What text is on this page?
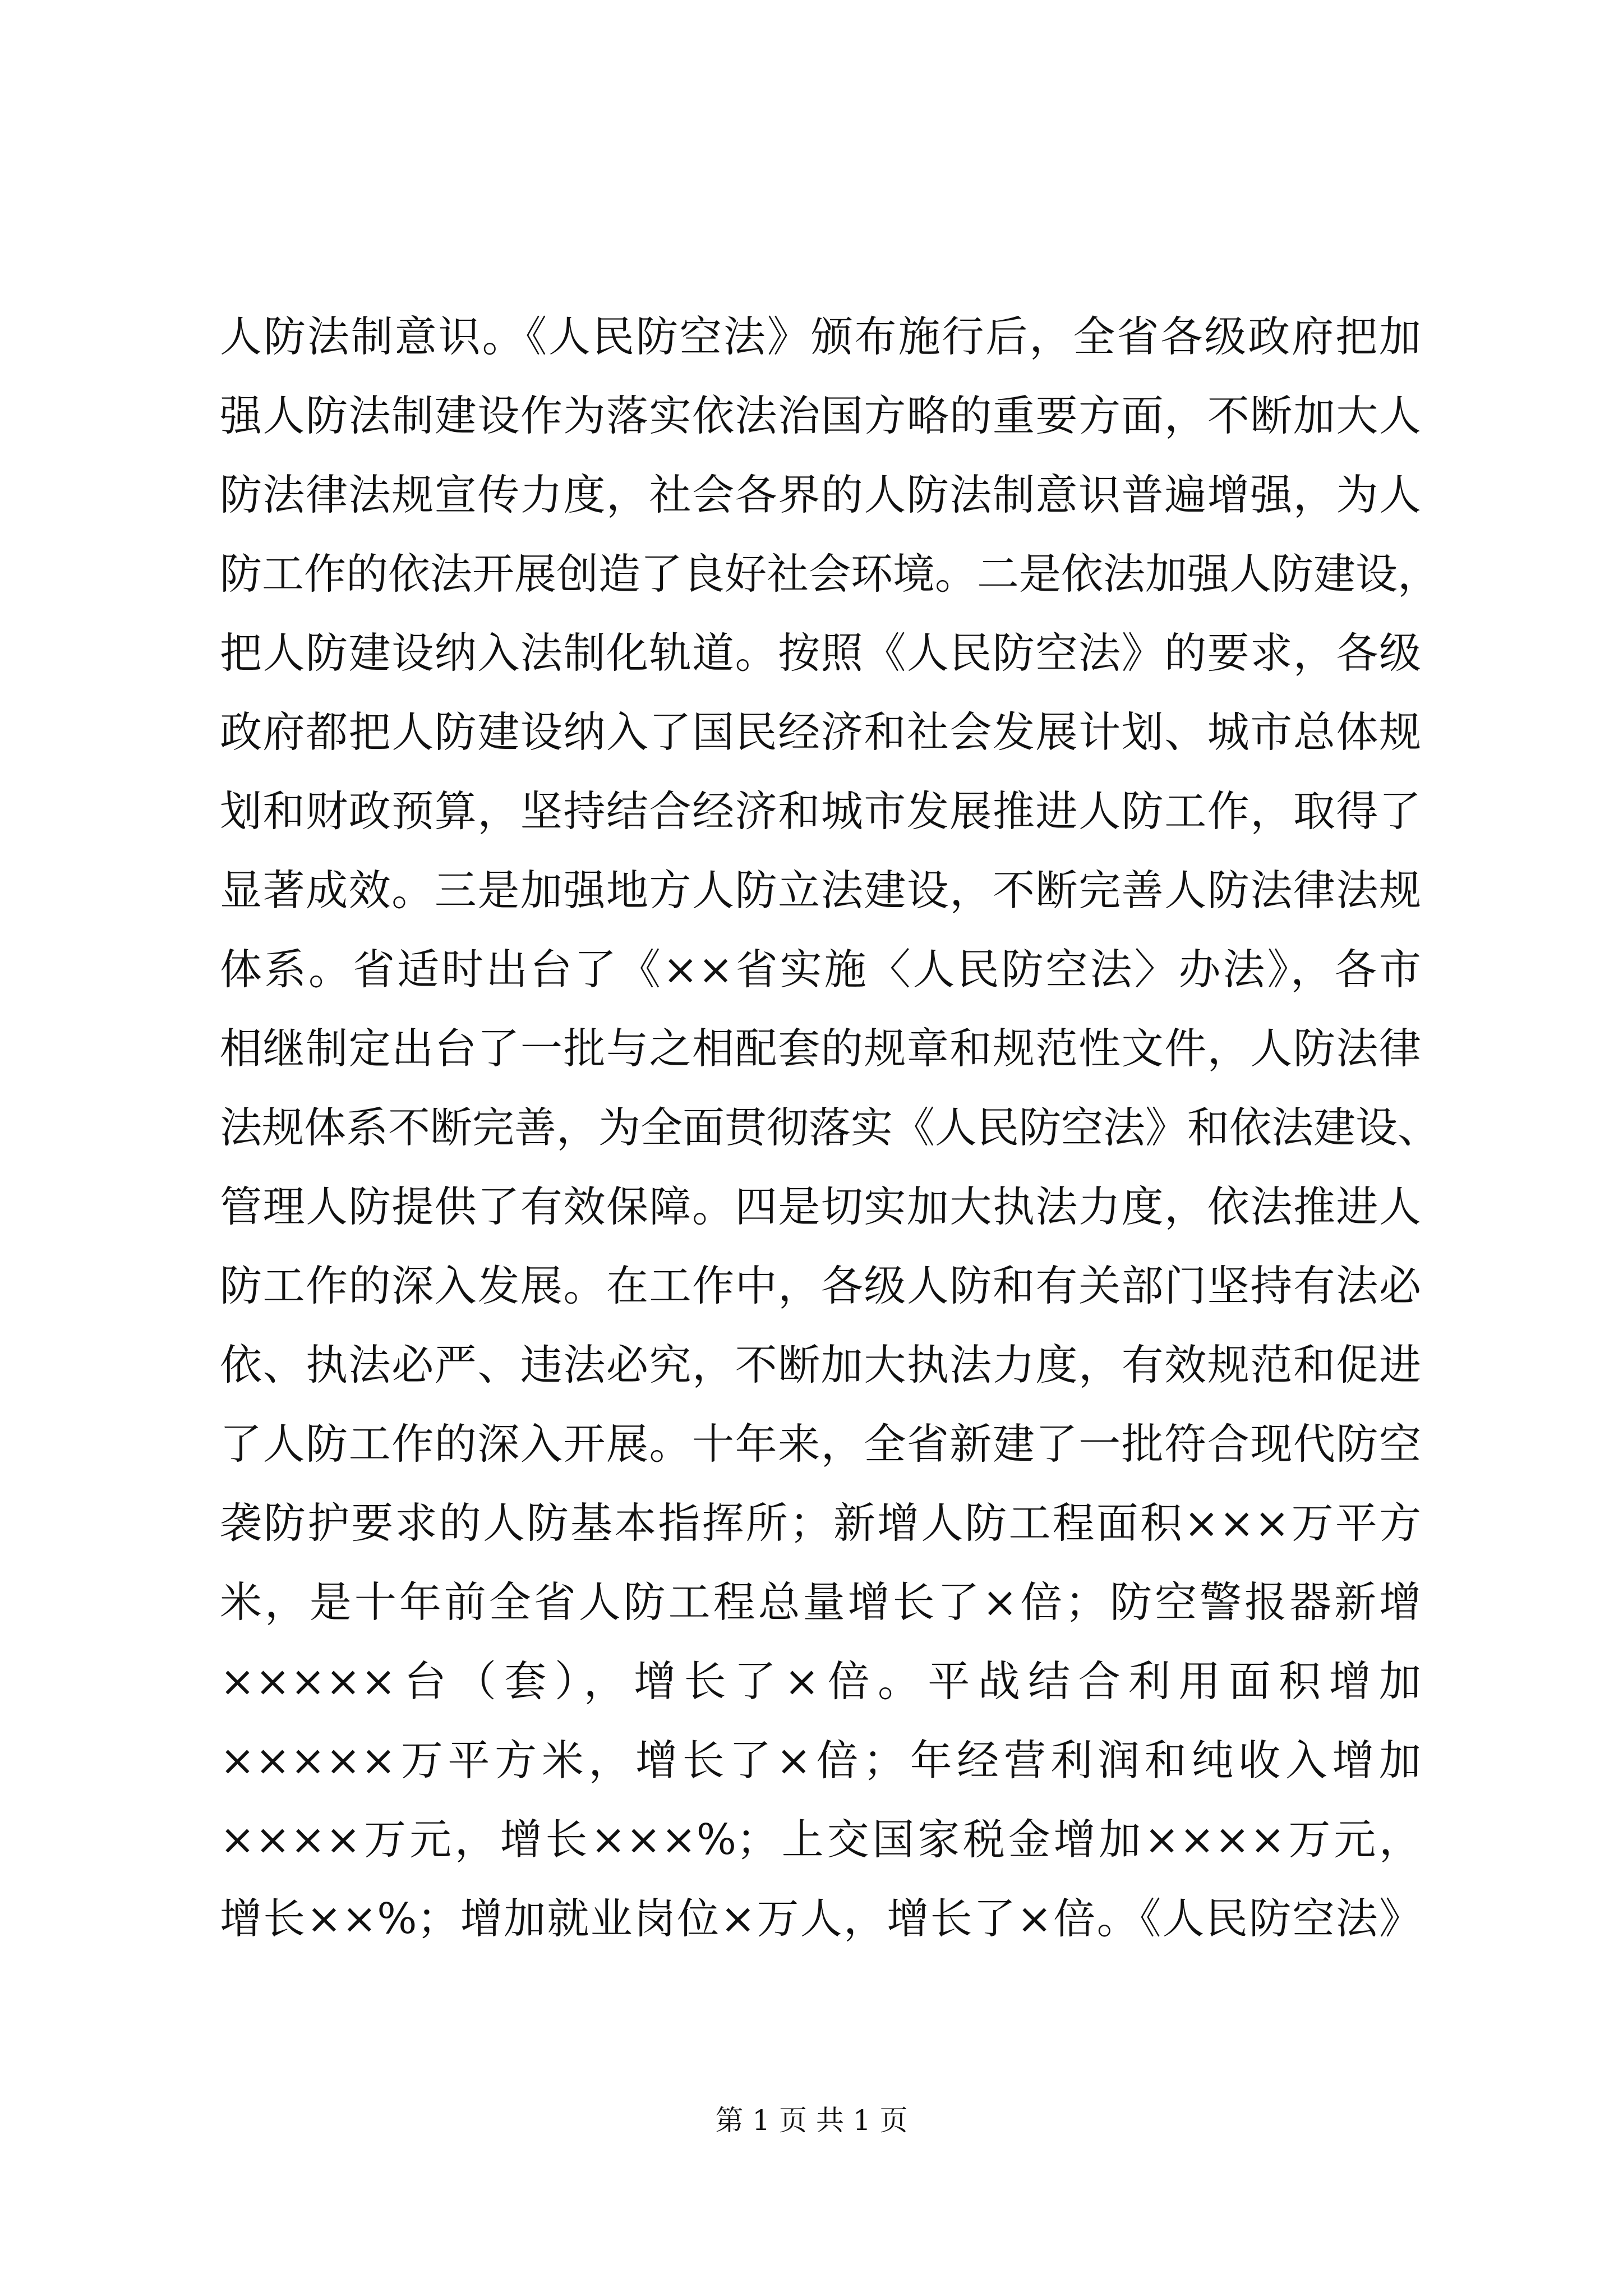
人防法制意识。《人民防空法》颁布施行后，全省各级政府把加
强人防法制建设作为落实依法治国方略的重要方面，不断加大人
防法律法规宣传力度，社会各界的人防法制意识普遍增强，为人
防工作的依法开展创造了良好社会环境。二是依法加强人防建设，
把人防建设纳入法制化轨道。按照《人民防空法》的要求，各级
政府都把人防建设纳入了国民经济和社会发展计划、城市总体规
划和财政预算，坚持结合经济和城市发展推进人防工作，取得了
显著成效。三是加强地方人防立法建设，不断完善人防法律法规
体系。省适时出台了《××省实施〈人民防空法〉办法》，各市
相继制定出台了一批与之相配套的规章和规范性文件，人防法律
法规体系不断完善，为全面贯彻落实《人民防空法》和依法建设、
管理人防提供了有效保障。四是切实加大执法力度，依法推进人
防工作的深入发展。在工作中，各级人防和有关部门坚持有法必
依、执法必严、违法必究，不断加大执法力度，有效规范和促进
了人防工作的深入开展。十年来，全省新建了一批符合现代防空
袭防护要求的人防基本指挥所；新增人防工程面积×××万平方
米，是十年前全省人防工程总量增长了×倍；防空警报器新增
×××××台（套），增长了×倍。平战结合利用面积增加
×××××万平方米，增长了×倍；年经营利润和纯收入增加
××××万元，增长×××%；上交国家税金增加××××万元，
增长××%；增加就业岗位×万人，增长了×倍。《人民防空法》
第 1 页 共 1 页
